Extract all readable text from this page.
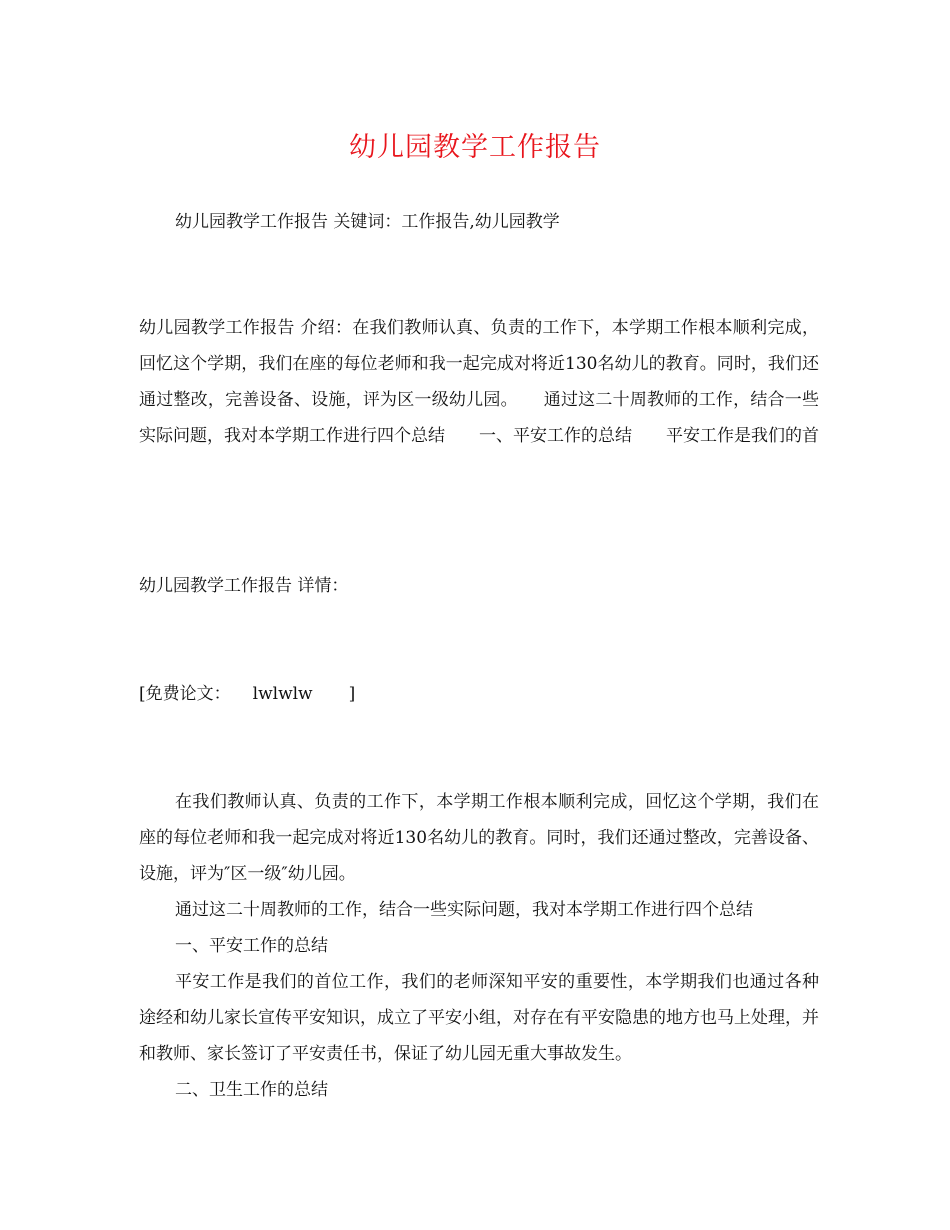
幼儿园教学工作报告
幼儿园教学工作报告 关键词：工作报告,幼儿园教学
幼儿园教学工作报告 介绍：在我们教师认真、负责的工作下，本学期工作根本顺利完成，回忆这个学期，我们在座的每位老师和我一起完成对将近130名幼儿的教育。同时，我们还通过整改，完善设备、设施，评为区一级幼儿园。　　通过这二十周教师的工作，结合一些实际问题，我对本学期工作进行四个总结　　一、平安工作的总结　　平安工作是我们的首
幼儿园教学工作报告 详情：
[免费论文： lwlwlw ]
在我们教师认真、负责的工作下，本学期工作根本顺利完成，回忆这个学期，我们在座的每位老师和我一起完成对将近130名幼儿的教育。同时，我们还通过整改，完善设备、设施，评为″区一级″幼儿园。
通过这二十周教师的工作，结合一些实际问题，我对本学期工作进行四个总结
一、平安工作的总结
平安工作是我们的首位工作，我们的老师深知平安的重要性，本学期我们也通过各种途经和幼儿家长宣传平安知识，成立了平安小组，对存在有平安隐患的地方也马上处理，并和教师、家长签订了平安责任书，保证了幼儿园无重大事故发生。
二、卫生工作的总结
